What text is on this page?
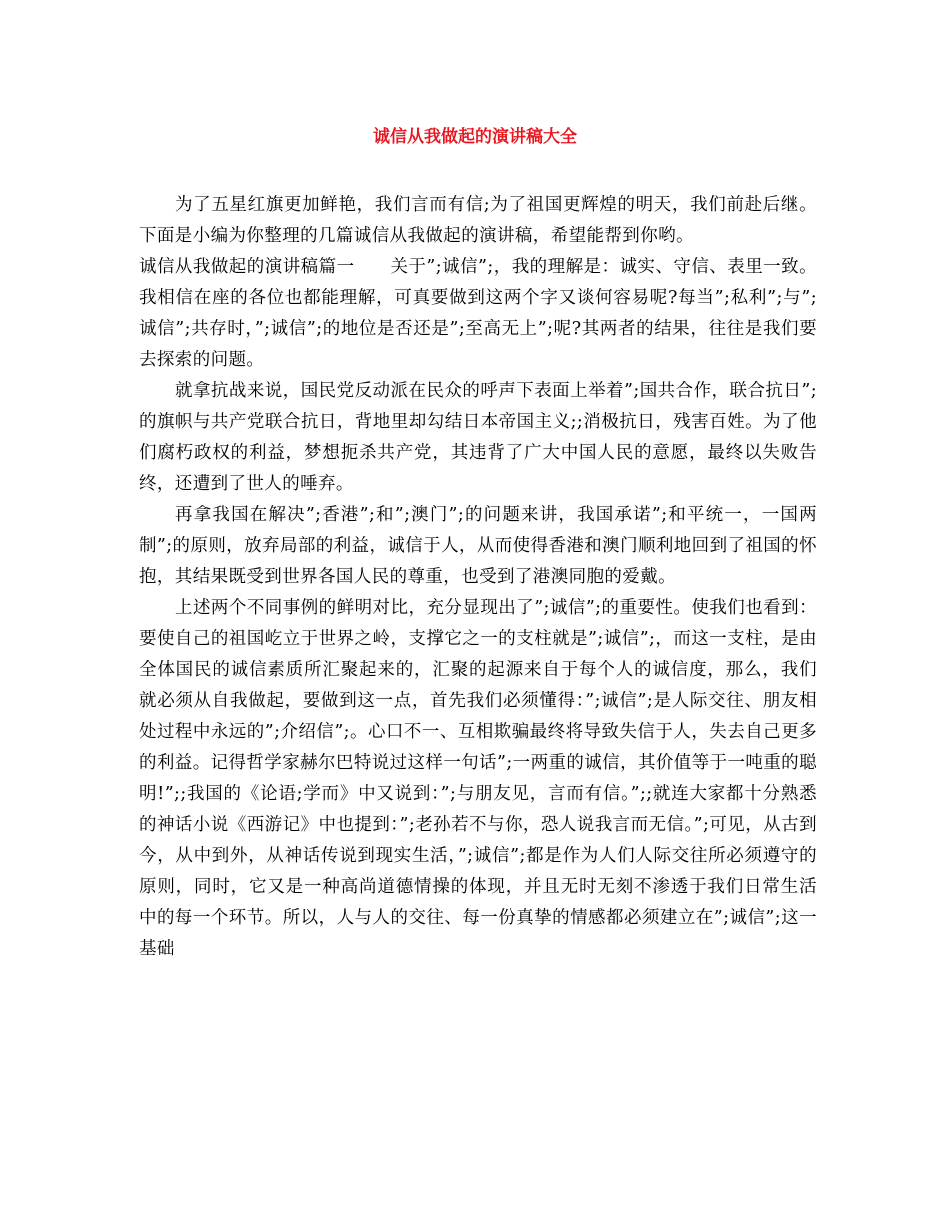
诚信从我做起的演讲稿大全

为了五星红旗更加鲜艳，我们言而有信;为了祖国更辉煌的明天，我们前赴后继。 下面是小编为你整理的几篇诚信从我做起的演讲稿，希望能帮到你哟。

诚信从我做起的演讲稿篇一　　关于”;诚信”;，我的理解是：诚实、守信、表里一致。我相信在座的各位也都能理解，可真要做到这两个字又谈何容易呢?每当”;私利”;与”;诚信”;共存时，”;诚信”;的地位是否还是”;至高无上”;呢?其两者的结果，往往是我们要去探索的问题。

就拿抗战来说，国民党反动派在民众的呼声下表面上举着”;国共合作，联合抗日”;的旗帜与共产党联合抗日，背地里却勾结日本帝国主义;;消极抗日，残害百姓。为了他们腐朽政权的利益，梦想扼杀共产党，其违背了广大中国人民的意愿，最终以失败告终，还遭到了世人的唾弃。

再拿我国在解决”;香港”;和”;澳门”;的问题来讲，我国承诺”;和平统一，一国两制”;的原则，放弃局部的利益，诚信于人，从而使得香港和澳门顺利地回到了祖国的怀抱，其结果既受到世界各国人民的尊重，也受到了港澳同胞的爱戴。

上述两个不同事例的鲜明对比，充分显现出了”;诚信”;的重要性。使我们也看到：要使自己的祖国屹立于世界之岭，支撑它之一的支柱就是”;诚信”;，而这一支柱，是由全体国民的诚信素质所汇聚起来的，汇聚的起源来自于每个人的诚信度，那么，我们就必须从自我做起，要做到这一点，首先我们必须懂得：”;诚信”;是人际交往、朋友相处过程中永远的”;介绍信”;。心口不一、互相欺骗最终将导致失信于人，失去自己更多的利益。记得哲学家赫尔巴特说过这样一句话”;一两重的诚信，其价值等于一吨重的聪明!”;;我国的《论语;学而》中又说到：”;与朋友见，言而有信。”;;就连大家都十分熟悉的神话小说《西游记》中也提到：”;老孙若不与你，恐人说我言而无信。”;可见，从古到今，从中到外，从神话传说到现实生活，”;诚信”;都是作为人们人际交往所必须遵守的原则，同时，它又是一种高尚道德情操的体现，并且无时无刻不渗透于我们日常生活中的每一个环节。所以，人与人的交往、每一份真挚的情感都必须建立在”;诚信”;这一基础
